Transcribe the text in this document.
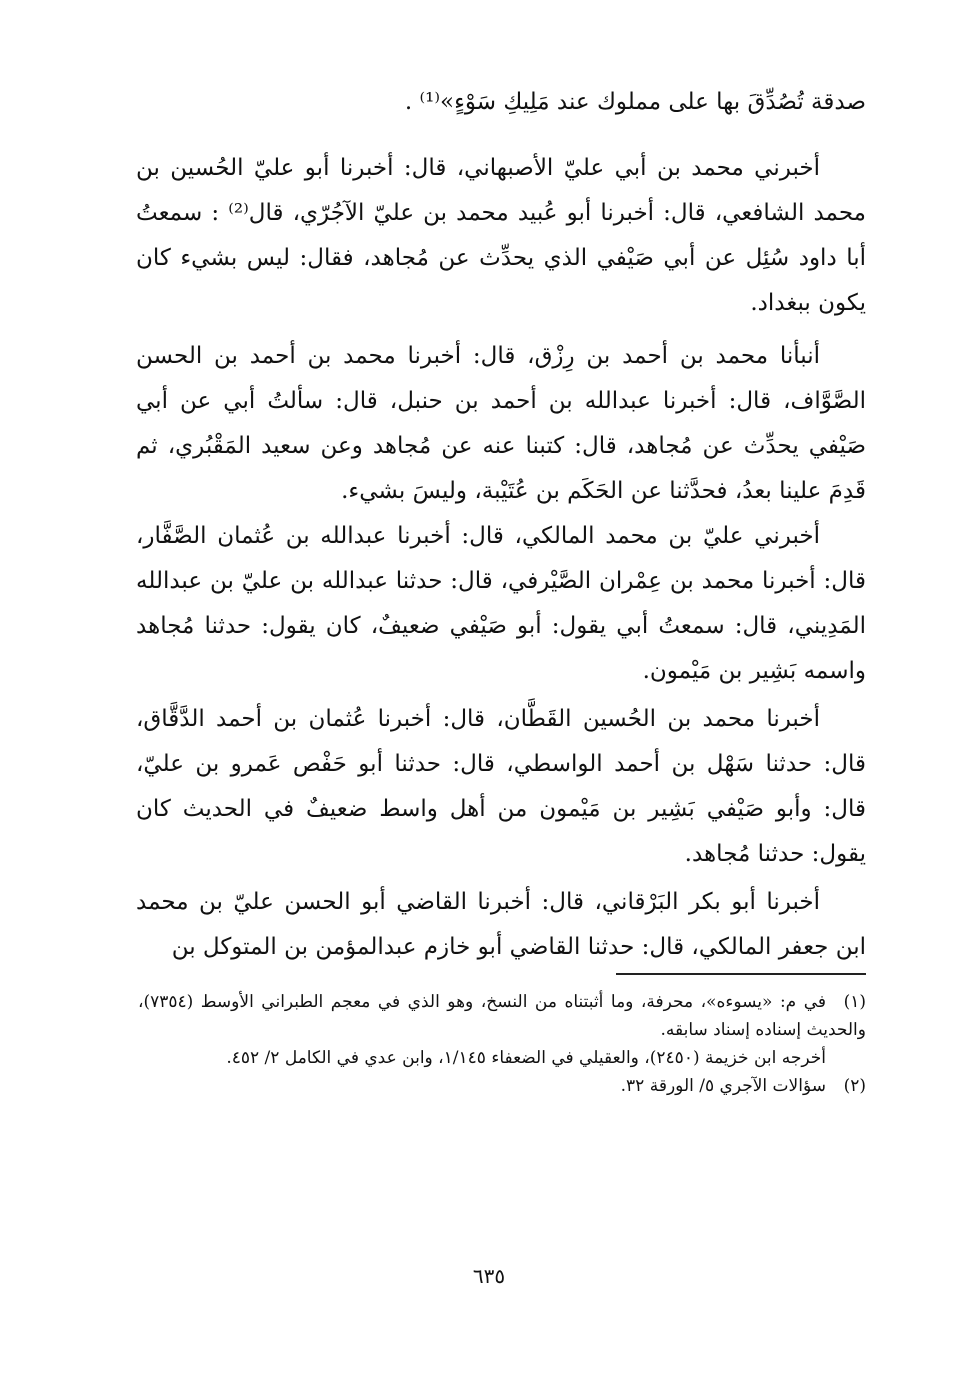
صدقة تُصُدِّقَ بها على مملوك عند مَلِيكِ سَوْءٍ»⁽¹⁾ .

أخبرني محمد بن أبي عليّ الأصبهاني، قال: أخبرنا أبو عليّ الحُسين بن محمد الشافعي، قال: أخبرنا أبو عُبيد محمد بن عليّ الآجُرّي، قال⁽²⁾ : سمعتُ أبا داود سُئِل عن أبي صَيْفي الذي يحدِّث عن مُجاهد، فقال: ليس بشيء كان يكون ببغداد.

أنبأنا محمد بن أحمد بن رِزْق، قال: أخبرنا محمد بن أحمد بن الحسن الصَّوَّاف، قال: أخبرنا عبدالله بن أحمد بن حنبل، قال: سألتُ أبي عن أبي صَيْفي يحدِّث عن مُجاهد، قال: كتبنا عنه عن مُجاهد وعن سعيد المَقْبُري، ثم قَدِمَ علينا بعدُ، فحدَّثنا عن الحَكَم بن عُتَيْبة، وليسَ بشيء.

أخبرني عليّ بن محمد المالكي، قال: أخبرنا عبدالله بن عُثمان الصَّفَّار، قال: أخبرنا محمد بن عِمْران الصَّيْرفي، قال: حدثنا عبدالله بن عليّ بن عبدالله المَدِيني، قال: سمعتُ أبي يقول: أبو صَيْفي ضعيفٌ، كان يقول: حدثنا مُجاهد واسمه بَشِير بن مَيْمون.

أخبرنا محمد بن الحُسين القَطَّان، قال: أخبرنا عُثمان بن أحمد الدَّقَّاق، قال: حدثنا سَهْل بن أحمد الواسطي، قال: حدثنا أبو حَفْص عَمرو بن عليّ، قال: وأبو صَيْفي بَشِير بن مَيْمون من أهل واسط ضعيفٌ في الحديث كان يقول: حدثنا مُجاهد.

أخبرنا أبو بكر البَرْقاني، قال: أخبرنا القاضي أبو الحسن عليّ بن محمد ابن جعفر المالكي، قال: حدثنا القاضي أبو خازم عبدالمؤمن بن المتوكل بن

(١)في م: «يسوءه»، محرفة، وما أثبتناه من النسخ، وهو الذي في معجم الطبراني الأوسط (٧٣٥٤)، والحديث إسناده إسناد سابقه.

أخرجه ابن خزيمة (٢٤٥٠)، والعقيلي في الضعفاء ١/١٤٥، وابن عدي في الكامل ٢/ ٤٥٢.

(٢)سؤالات الآجري ٥/ الورقة ٣٢.

٦٣٥
